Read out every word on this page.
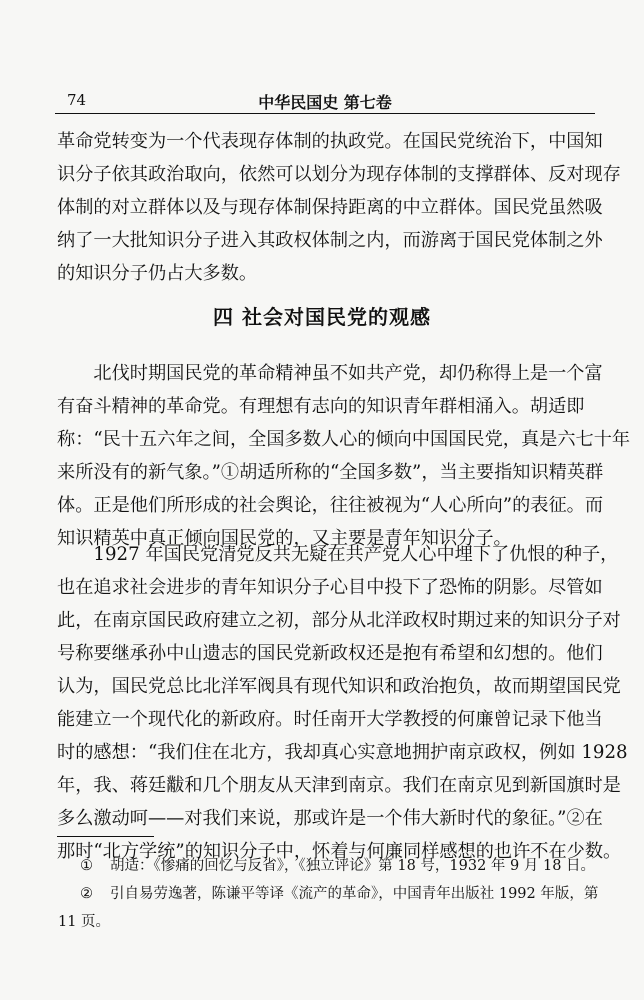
74	中华民国史 第七卷

革命党转变为一个代表现存体制的执政党。在国民党统治下，中国知
识分子依其政治取向，依然可以划分为现存体制的支撑群体、反对现存
体制的对立群体以及与现存体制保持距离的中立群体。国民党虽然吸
纳了一大批知识分子进入其政权体制之内，而游离于国民党体制之外
的知识分子仍占大多数。

四 社会对国民党的观感

北伐时期国民党的革命精神虽不如共产党，却仍称得上是一个富
有奋斗精神的革命党。有理想有志向的知识青年群相涌入。胡适即
称：“民十五六年之间，全国多数人心的倾向中国国民党，真是六七十年
来所没有的新气象。”①胡适所称的“全国多数”，当主要指知识精英群
体。正是他们所形成的社会舆论，往往被视为“人心所向”的表征。而
知识精英中真正倾向国民党的，又主要是青年知识分子。

1927 年国民党清党反共无疑在共产党人心中埋下了仇恨的种子，
也在追求社会进步的青年知识分子心目中投下了恐怖的阴影。尽管如
此，在南京国民政府建立之初，部分从北洋政权时期过来的知识分子对
号称要继承孙中山遗志的国民党新政权还是抱有希望和幻想的。他们
认为，国民党总比北洋军阀具有现代知识和政治抱负，故而期望国民党
能建立一个现代化的新政府。时任南开大学教授的何廉曾记录下他当
时的感想：“我们住在北方，我却真心实意地拥护南京政权，例如 1928
年，我、蒋廷黻和几个朋友从天津到南京。我们在南京见到新国旗时是
多么激动呵——对我们来说，那或许是一个伟大新时代的象征。”②在
那时“北方学统”的知识分子中，怀着与何廉同样感想的也许不在少数。

① 胡适：《惨痛的回忆与反省》，《独立评论》第 18 号，1932 年 9 月 18 日。
② 引自易劳逸著，陈谦平等译《流产的革命》，中国青年出版社 1992 年版，第
11 页。
